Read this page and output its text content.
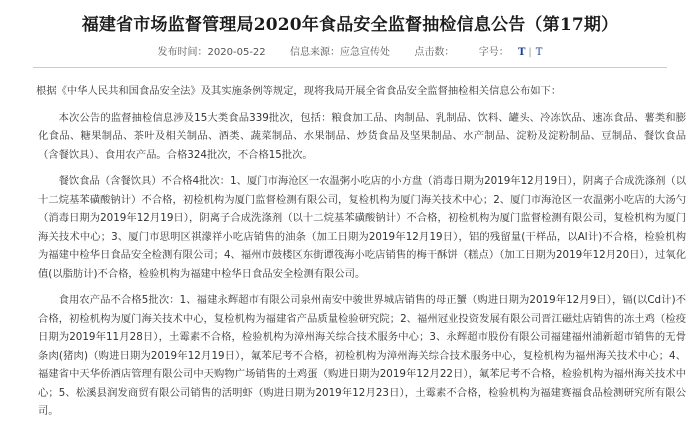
福建省市场监督管理局2020年食品安全监督抽检信息公告（第17期）
发布时间：2020-05-22 信息来源：应急宣传处 点击数： 字号： T | T

根据《中华人民共和国食品安全法》及其实施条例等规定，现将我局开展全省食品安全监督抽检相关信息公布如下：

本次公告的监督抽检信息涉及15大类食品339批次，包括：粮食加工品、肉制品、乳制品、饮料、罐头、冷冻饮品、速冻食品、薯类和膨化食品、糖果制品、茶叶及相关制品、酒类、蔬菜制品、水果制品、炒货食品及坚果制品、水产制品、淀粉及淀粉制品、豆制品、餐饮食品（含餐饮具）、食用农产品。合格324批次，不合格15批次。

餐饮食品（含餐饮具）不合格4批次：1、厦门市海沧区一农温粥小吃店的小方盘（消毒日期为2019年12月19日），阴离子合成洗涤剂（以十二烷基苯磺酸钠计）不合格，初检机构为厦门监督检测有限公司，复检机构为厦门海关技术中心；2、厦门市海沧区一农温粥小吃店的大汤勺（消毒日期为2019年12月19日），阴离子合成洗涤剂（以十二烷基苯磺酸钠计）不合格，初检机构为厦门监督检测有限公司，复检机构为厦门海关技术中心；3、厦门市思明区祺濛祥小吃店销售的油条（加工日期为2019年12月19日），铝的残留量(干样品，以Al计)不合格，检验机构为福建中检华日食品安全检测有限公司；4、福州市鼓楼区东街谭筏海小吃店销售的梅干酥饼（糕点）（加工日期为2019年12月20日），过氧化值(以脂肪计)不合格，检验机构为福建中检华日食品安全检测有限公司。

食用农产品不合格5批次：1、福建永辉超市有限公司泉州南安中骏世界城店销售的母正蟹（购进日期为2019年12月9日），镉(以Cd计)不合格，初检机构为厦门海关技术中心，复检机构为福建省产品质量检验研究院；2、福州冠业投资发展有限公司晋江磁灶店销售的冻土鸡（检疫日期为2019年11月28日），土霉素不合格，检验机构为漳州海关综合技术服务中心；3、永辉超市股份有限公司福建福州浦新超市销售的无骨条肉(猪肉)（购进日期为2019年12月19日），氟苯尼考不合格，初检机构为漳州海关综合技术服务中心，复检机构为福州海关技术中心；4、福建省中天华侨酒店管理有限公司中天购物广场销售的土鸡蛋（购进日期为2019年12月22日），氟苯尼考不合格，检验机构为福州海关技术中心；5、松溪县润发商贸有限公司销售的活明虾（购进日期为2019年12月23日），土霉素不合格，检验机构为福建赛福食品检测研究所有限公司。
